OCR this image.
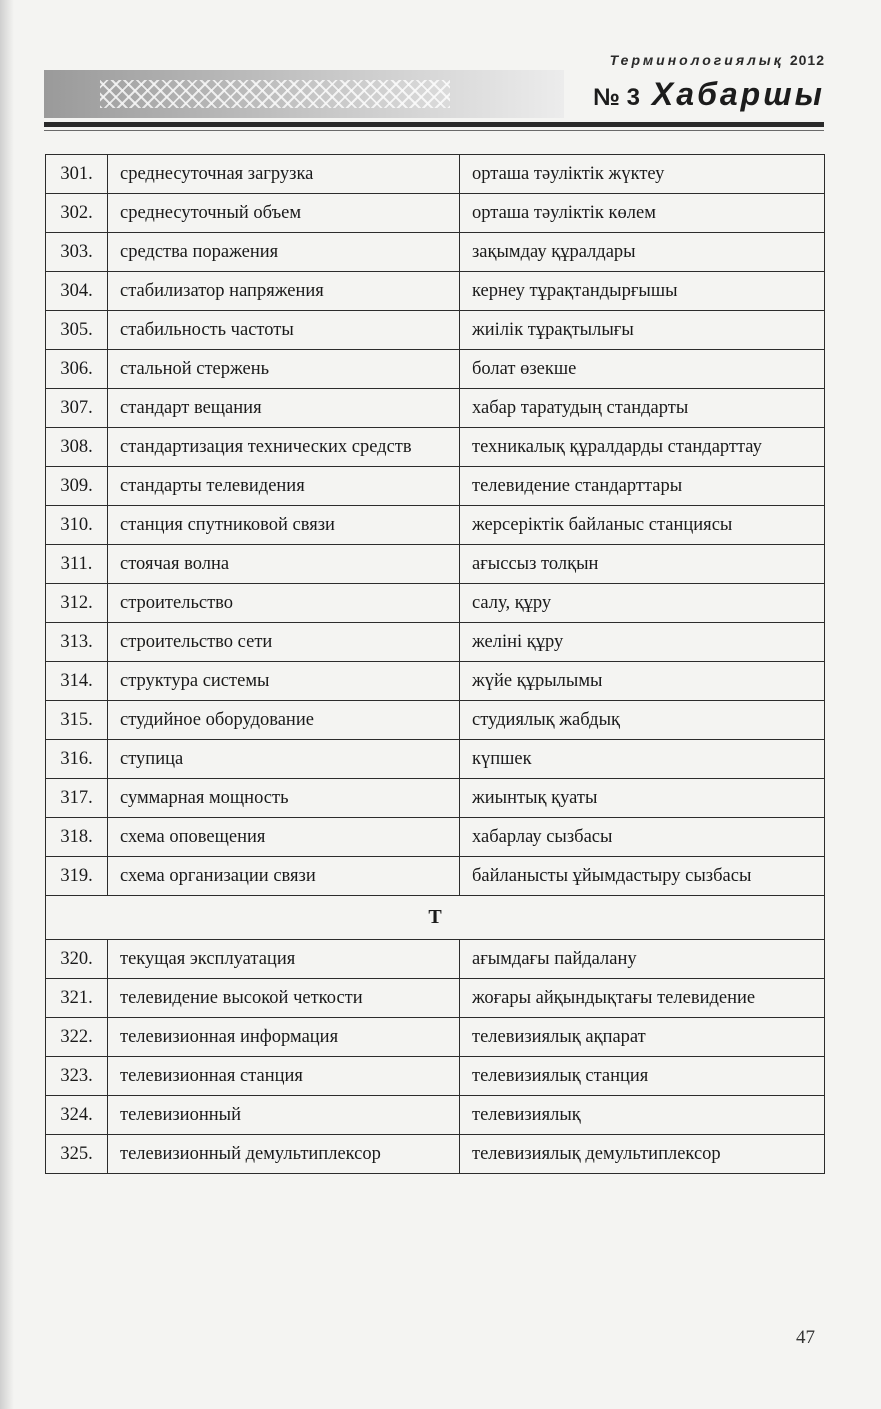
Терминологиялық 2012
№ 3 Хабаршы
301.	среднесуточная загрузка	орташа тәуліктік жүктеу
302.	среднесуточный объем	орташа тәуліктік көлем
303.	средства поражения	зақымдау құралдары
304.	стабилизатор напряжения	кернеу тұрақтандырғышы
305.	стабильность частоты	жиілік тұрақтылығы
306.	стальной стержень	болат өзекше
307.	стандарт вещания	хабар таратудың стандарты
308.	стандартизация технических средств	техникалық құралдарды стандарттау
309.	стандарты телевидения	телевидение стандарттары
310.	станция спутниковой связи	жерсеріктік байланыс станциясы
311.	стоячая волна	ағыссыз толқын
312.	строительство	салу, құру
313.	строительство сети	желіні құру
314.	структура системы	жүйе құрылымы
315.	студийное оборудование	студиялық жабдық
316.	ступица	күпшек
317.	суммарная мощность	жиынтық қуаты
318.	схема оповещения	хабарлау сызбасы
319.	схема организации связи	байланысты ұйымдастыру сызбасы
Т		
320.	текущая эксплуатация	ағымдағы пайдалану
321.	телевидение высокой четкости	жоғары айқындықтағы телевидение
322.	телевизионная информация	телевизиялық ақпарат
323.	телевизионная станция	телевизиялық станция
324.	телевизионный	телевизиялық
325.	телевизионный демультиплексор	телевизиялық демультиплексор
47
